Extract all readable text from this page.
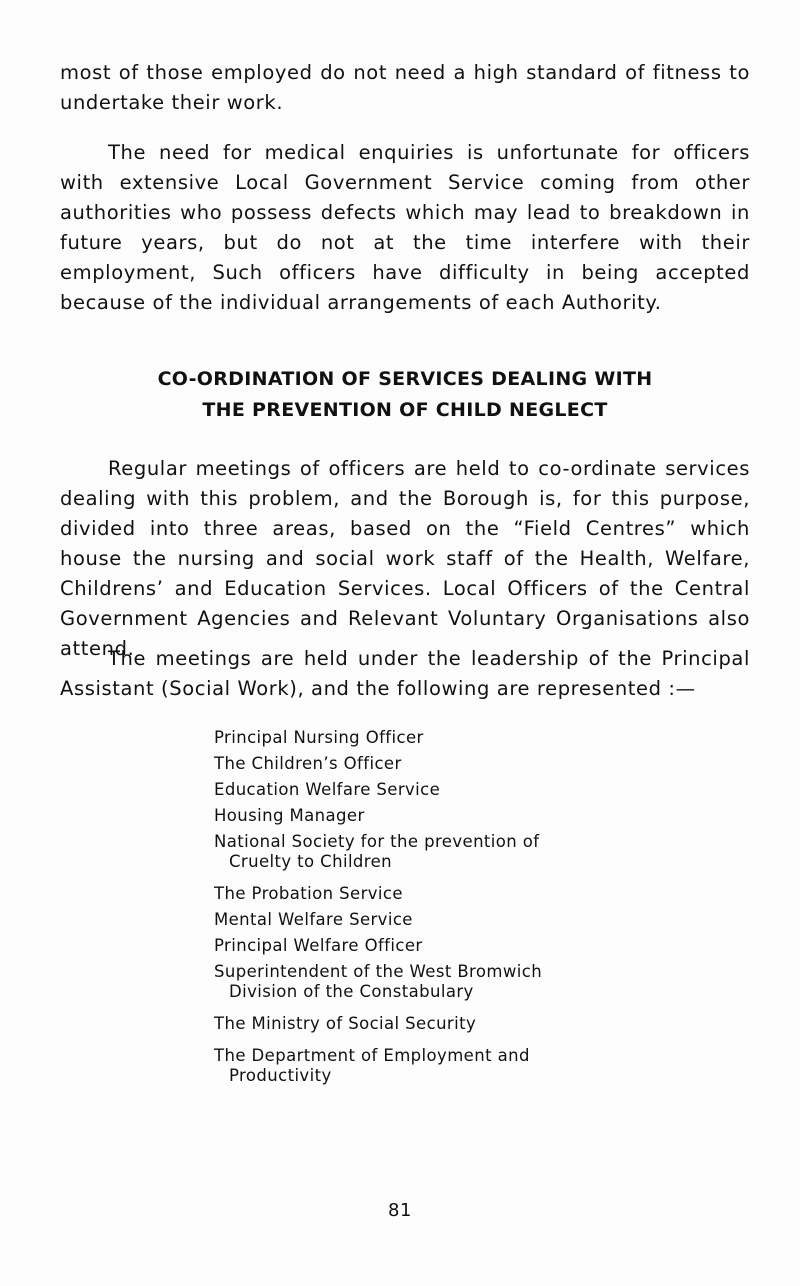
most of those employed do not need a high standard of fitness to undertake their work.

The need for medical enquiries is unfortunate for officers with extensive Local Government Service coming from other authorities who possess defects which may lead to breakdown in future years, but do not at the time interfere with their employment, Such officers have difficulty in being accepted because of the individual arrangements of each Authority.

CO-ORDINATION OF SERVICES DEALING WITH
THE PREVENTION OF CHILD NEGLECT

Regular meetings of officers are held to co-ordinate services dealing with this problem, and the Borough is, for this purpose, divided into three areas, based on the “Field Centres” which house the nursing and social work staff of the Health, Welfare, Childrens’ and Education Services. Local Officers of the Central Government Agencies and Relevant Voluntary Organisations also attend.

The meetings are held under the leadership of the Principal Assistant (Social Work), and the following are represented :—

Principal Nursing Officer
The Children’s Officer
Education Welfare Service
Housing Manager
National Society for the prevention of
Cruelty to Children
The Probation Service
Mental Welfare Service
Principal Welfare Officer
Superintendent of the West Bromwich
Division of the Constabulary
The Ministry of Social Security
The Department of Employment and
Productivity

81
